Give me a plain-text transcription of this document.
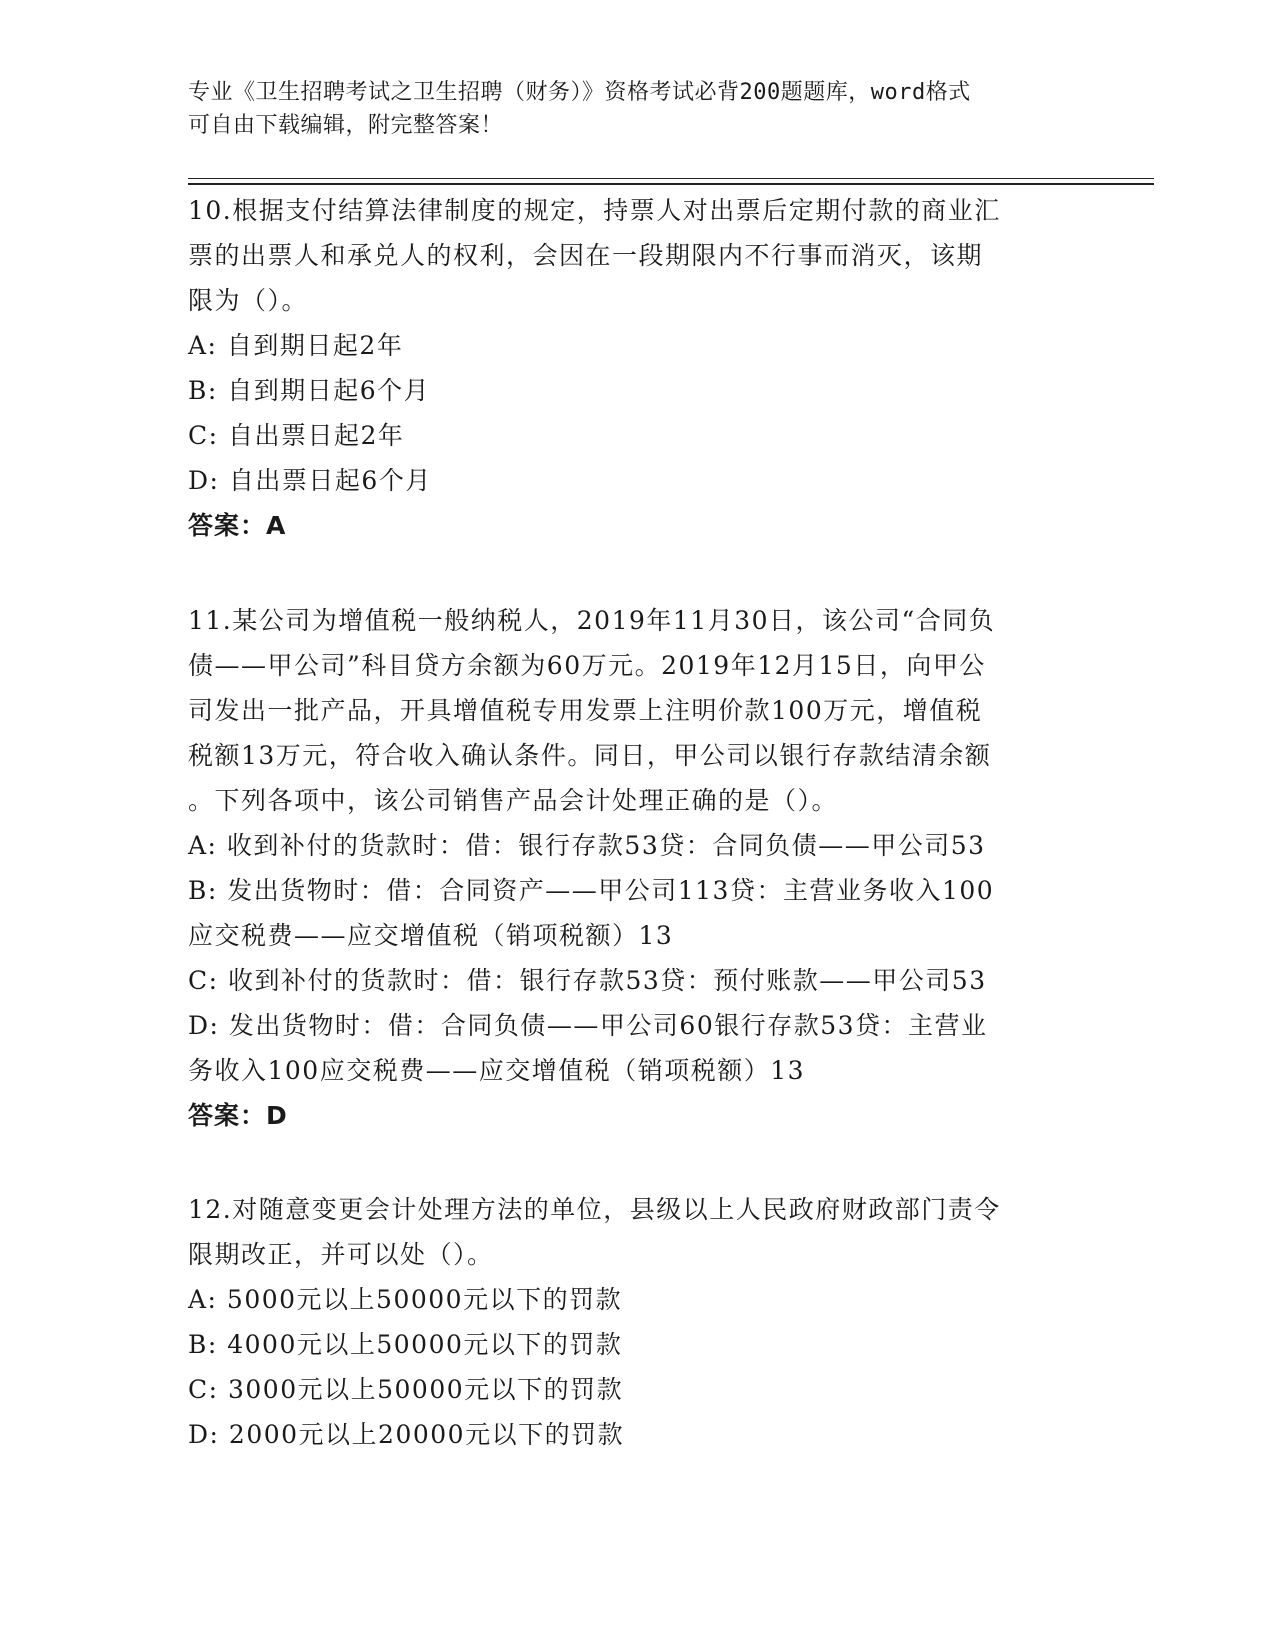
专业《卫生招聘考试之卫生招聘（财务）》资格考试必背200题题库，word格式
可自由下载编辑，附完整答案！
10.根据支付结算法律制度的规定，持票人对出票后定期付款的商业汇
票的出票人和承兑人的权利，会因在一段期限内不行事而消灭，该期
限为（）。
A: 自到期日起2年
B: 自到期日起6个月
C: 自出票日起2年
D: 自出票日起6个月
答案：A
11.某公司为增值税一般纳税人，2019年11月30日，该公司“合同负
债——甲公司”科目贷方余额为60万元。2019年12月15日，向甲公
司发出一批产品，开具增值税专用发票上注明价款100万元，增值税
税额13万元，符合收入确认条件。同日，甲公司以银行存款结清余额
。下列各项中，该公司销售产品会计处理正确的是（）。
A: 收到补付的货款时：借：银行存款53贷：合同负债——甲公司53
B: 发出货物时：借：合同资产——甲公司113贷：主营业务收入100
应交税费——应交增值税（销项税额）13
C: 收到补付的货款时：借：银行存款53贷：预付账款——甲公司53
D: 发出货物时：借：合同负债——甲公司60银行存款53贷：主营业
务收入100应交税费——应交增值税（销项税额）13
答案：D
12.对随意变更会计处理方法的单位，县级以上人民政府财政部门责令
限期改正，并可以处（）。
A: 5000元以上50000元以下的罚款
B: 4000元以上50000元以下的罚款
C: 3000元以上50000元以下的罚款
D: 2000元以上20000元以下的罚款
